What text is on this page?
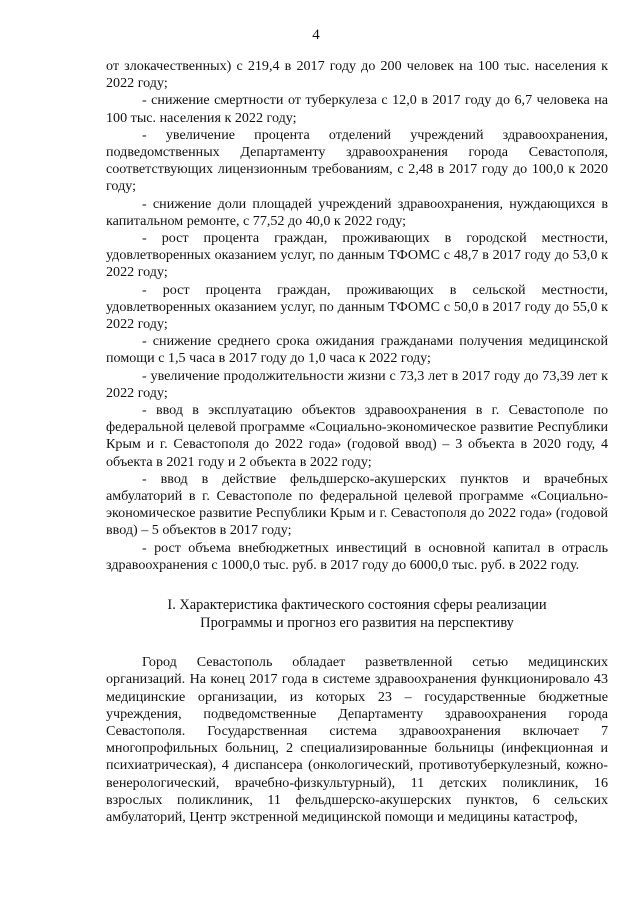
4

от злокачественных) с 219,4 в 2017 году до 200 человек на 100 тыс. населения к 2022 году;

- снижение смертности от туберкулеза с 12,0 в 2017 году до 6,7 человека на 100 тыс. населения к 2022 году;

- увеличение процента отделений учреждений здравоохранения, подведомственных Департаменту здравоохранения города Севастополя, соответствующих лицензионным требованиям, с 2,48 в 2017 году до 100,0 к 2020 году;

- снижение доли площадей учреждений здравоохранения, нуждающихся в капитальном ремонте, с 77,52 до 40,0 к 2022 году;

- рост процента граждан, проживающих в городской местности, удовлетворенных оказанием услуг, по данным ТФОМС с 48,7 в 2017 году до 53,0 к 2022 году;

- рост процента граждан, проживающих в сельской местности, удовлетворенных оказанием услуг, по данным ТФОМС с 50,0 в 2017 году до 55,0 к 2022 году;

- снижение среднего срока ожидания гражданами получения медицинской помощи с 1,5 часа в 2017 году до 1,0 часа к 2022 году;

- увеличение продолжительности жизни с 73,3 лет в 2017 году до 73,39 лет к 2022 году;

- ввод в эксплуатацию объектов здравоохранения в г. Севастополе по федеральной целевой программе «Социально-экономическое развитие Республики Крым и г. Севастополя до 2022 года» (годовой ввод) – 3 объекта в 2020 году, 4 объекта в 2021 году и 2 объекта в 2022 году;

- ввод в действие фельдшерско-акушерских пунктов и врачебных амбулаторий в г. Севастополе по федеральной целевой программе «Социально-экономическое развитие Республики Крым и г. Севастополя до 2022 года» (годовой ввод) – 5 объектов в 2017 году;

- рост объема внебюджетных инвестиций в основной капитал в отрасль здравоохранения с 1000,0 тыс. руб. в 2017 году до 6000,0 тыс. руб. в 2022 году.

I. Характеристика фактического состояния сферы реализации
Программы и прогноз его развития на перспективу

Город Севастополь обладает разветвленной сетью медицинских организаций. На конец 2017 года в системе здравоохранения функционировало 43 медицинские организации, из которых 23 – государственные бюджетные учреждения, подведомственные Департаменту здравоохранения города Севастополя. Государственная система здравоохранения включает 7 многопрофильных больниц, 2 специализированные больницы (инфекционная и психиатрическая), 4 диспансера (онкологический, противотуберкулезный, кожно-венерологический, врачебно-физкультурный), 11 детских поликлиник, 16 взрослых поликлиник, 11 фельдшерско-акушерских пунктов, 6 сельских амбулаторий, Центр экстренной медицинской помощи и медицины катастроф,
